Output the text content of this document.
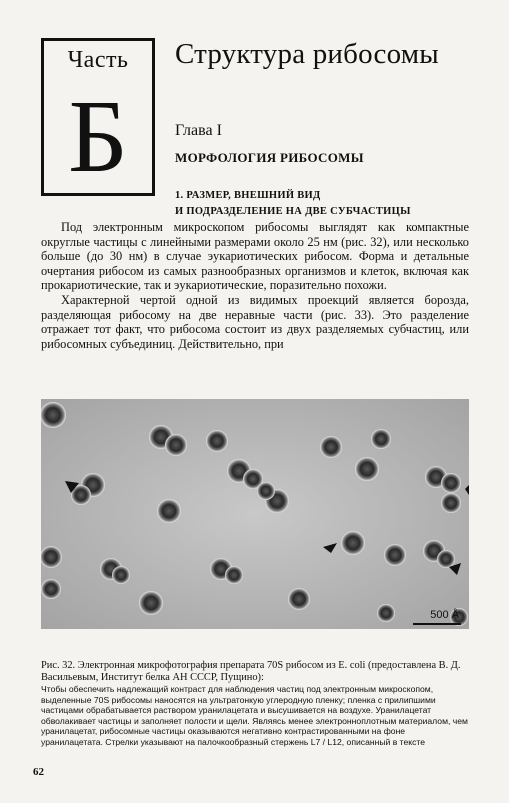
Часть
Б
Структура рибосомы
Глава I
МОРФОЛОГИЯ РИБОСОМЫ
1. РАЗМЕР, ВНЕШНИЙ ВИД
И ПОДРАЗДЕЛЕНИЕ НА ДВЕ СУБЧАСТИЦЫ

Под электронным микроскопом рибосомы выглядят как компактные округлые частицы с линейными размерами около 25 нм (рис. 32), или несколько больше (до 30 нм) в случае эукариотических рибосом. Форма и детальные очертания рибосом из самых разнообразных организмов и клеток, включая как прокариотические, так и эукариотические, поразительно похожи.

Характерной чертой одной из видимых проекций является борозда, разделяющая рибосому на две неравные части (рис. 33). Это разделение отражает тот факт, что рибосома состоит из двух разделяемых субчастиц, или рибосомных субъединиц. Действительно, при

500 Å
Рис. 32. Электронная микрофотография препарата 70S рибосом из E. coli (предоставлена В. Д. Васильевым, Институт белка АН СССР, Пущино):
Чтобы обеспечить надлежащий контраст для наблюдения частиц под электронным микроскопом, выделенные 70S рибосомы наносятся на ультратонкую углеродную пленку; пленка с прилипшими частицами обрабатывается раствором уранилацетата и высушивается на воздухе. Уранилацетат обволакивает частицы и заполняет полости и щели. Являясь менее электронноплотным материалом, чем уранилацетат, рибосомные частицы оказываются негативно контрастированными на фоне уранилацетата. Стрелки указывают на палочкообразный стержень L7 / L12, описанный в тексте
62
